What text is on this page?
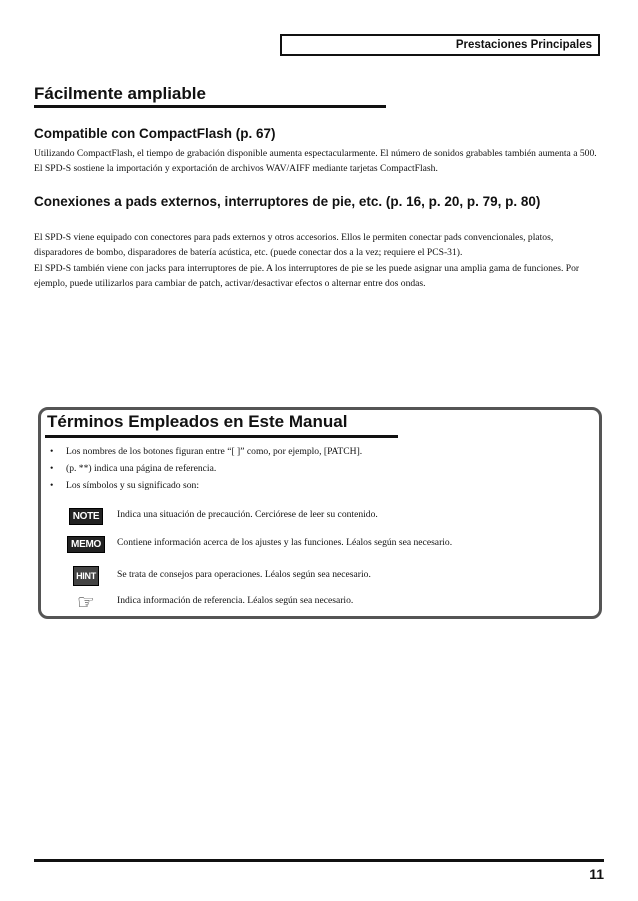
Prestaciones Principales
Fácilmente ampliable
Compatible con CompactFlash (p. 67)

Utilizando CompactFlash, el tiempo de grabación disponible aumenta espectacularmente. El número de sonidos grabables también aumenta a 500. El SPD-S sostiene la importación y exportación de archivos WAV/AIFF mediante tarjetas CompactFlash.

Conexiones a pads externos, interruptores de pie, etc. (p. 16, p. 20, p. 79, p. 80)

El SPD-S viene equipado con conectores para pads externos y otros accesorios. Ellos le permiten conectar pads convencionales, platos, disparadores de bombo, disparadores de batería acústica, etc. (puede conectar dos a la vez; requiere el PCS-31).

El SPD-S también viene con jacks para interruptores de pie. A los interruptores de pie se les puede asignar una amplia gama de funciones. Por ejemplo, puede utilizarlos para cambiar de patch, activar/desactivar efectos o alternar entre dos ondas.

Términos Empleados en Este Manual
• Los nombres de los botones figuran entre “[ ]” como, por ejemplo, [PATCH].
• (p. **) indica una página de referencia.
• Los símbolos y su significado son:
NOTE	Indica una situación de precaución. Cerciórese de leer su contenido.
MEMO	Contiene información acerca de los ajustes y las funciones. Léalos según sea necesario.
HINT	Se trata de consejos para operaciones. Léalos según sea necesario.
☞ Indica información de referencia. Léalos según sea necesario.
11
